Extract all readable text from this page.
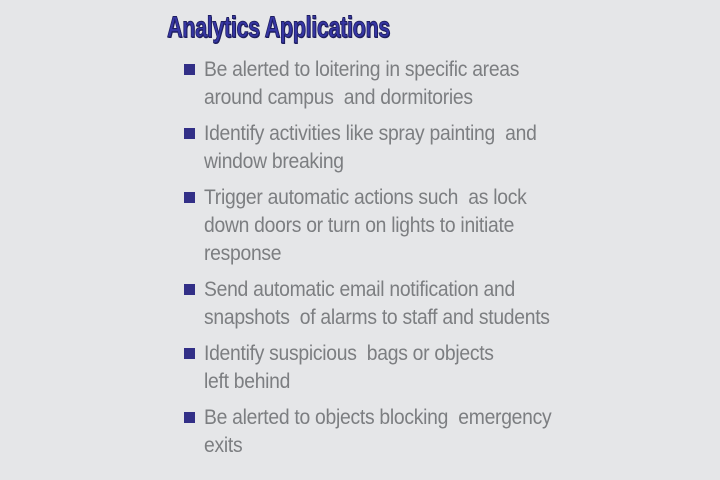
Analytics Applications
Be alerted to loitering in specific areas
around campus  and dormitories
Identify activities like spray painting  and
window breaking
Trigger automatic actions such  as lock
down doors or turn on lights to initiate
response
Send automatic email notification and
snapshots  of alarms to staff and students
Identify suspicious  bags or objects
left behind
Be alerted to objects blocking  emergency
exits
